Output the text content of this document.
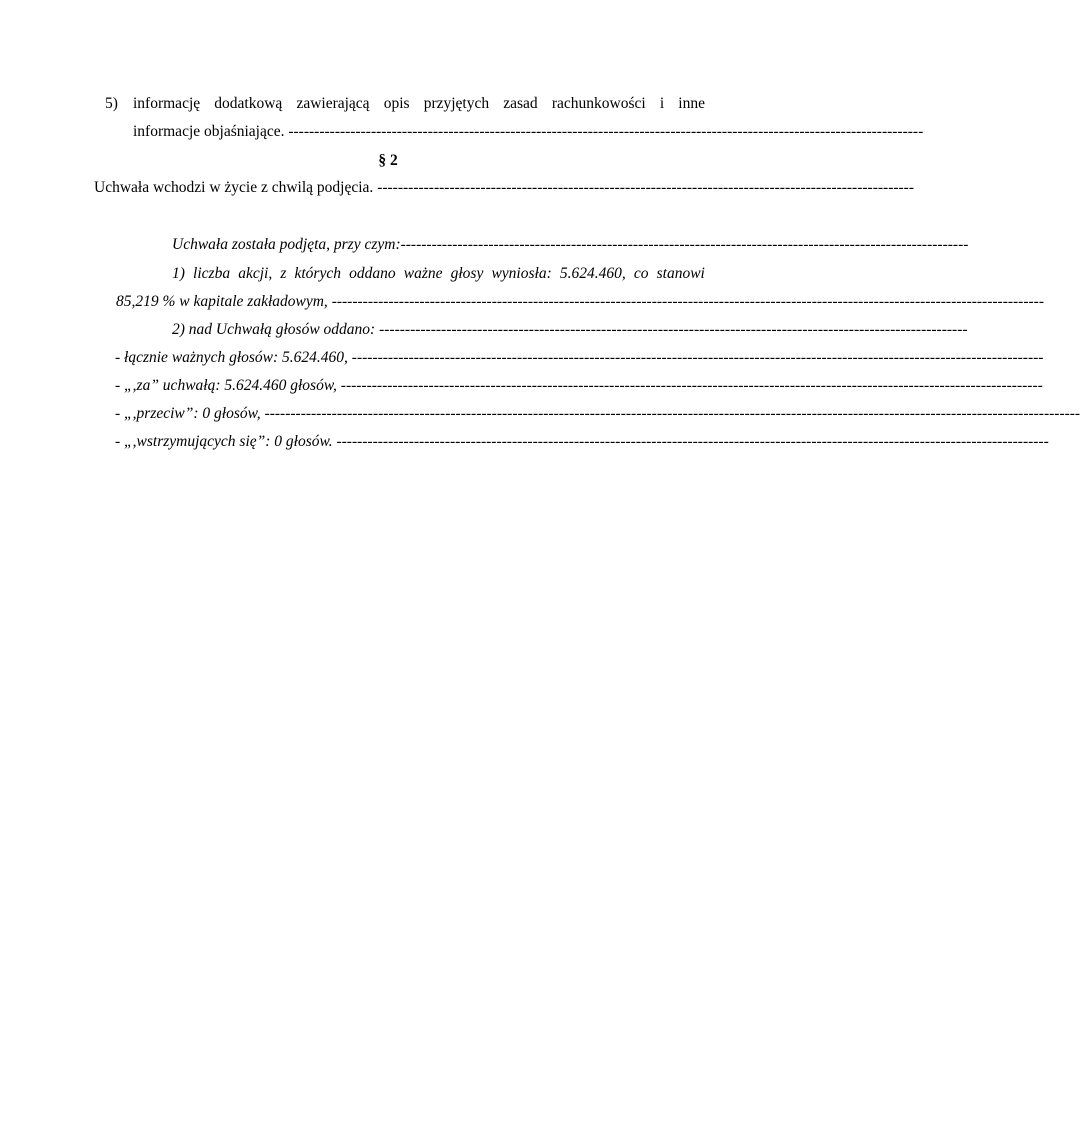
5) informację dodatkową zawierającą opis przyjętych zasad rachunkowości i inne
informacje objaśniające. ---------------------------------------------------------------------------------------------------------------------------
§ 2
Uchwała wchodzi w życie z chwilą podjęcia. --------------------------------------------------------------------------------------------------------
Uchwała została podjęta, przy czym:--------------------------------------------------------------------------------------------------------------
1) liczba akcji, z których oddano ważne głosy wyniosła: 5.624.460, co stanowi
85,219 % w kapitale zakładowym, ------------------------------------------------------------------------------------------------------------------------------------------
2) nad Uchwałą głosów oddano: ------------------------------------------------------------------------------------------------------------------
- łącznie ważnych głosów: 5.624.460, --------------------------------------------------------------------------------------------------------------------------------------
- „,za” uchwałą: 5.624.460 głosów, ----------------------------------------------------------------------------------------------------------------------------------------
- „,przeciw”: 0 głosów, --------------------------------------------------------------------------------------------------------------------------------------------------------------
- „,wstrzymujących się”: 0 głosów. ------------------------------------------------------------------------------------------------------------------------------------------
